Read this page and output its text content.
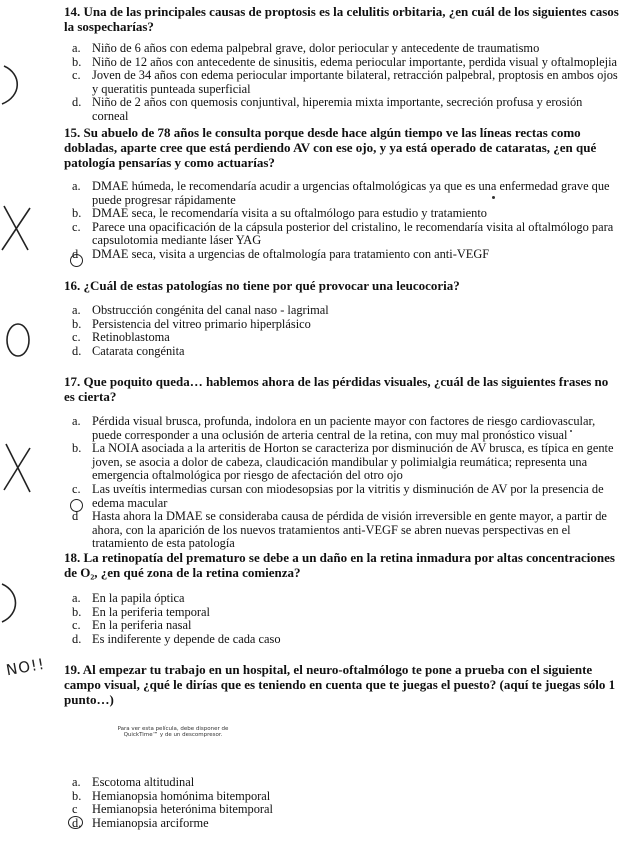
14. Una de las principales causas de proptosis es la celulitis orbitaria, ¿en cuál de los siguientes casos la sospecharías?

a. Niño de 6 años con edema palpebral grave, dolor periocular y antecedente de traumatismo
b. Niño de 12 años con antecedente de sinusitis, edema periocular importante, perdida visual y oftalmoplejia
c. Joven de 34 años con edema periocular importante bilateral, retracción palpebral, proptosis en ambos ojos y queratitis punteada superficial
d. Niño de 2 años con quemosis conjuntival, hiperemia mixta importante, secreción profusa y erosión corneal

15. Su abuelo de 78 años le consulta porque desde hace algún tiempo ve las líneas rectas como dobladas, aparte cree que está perdiendo AV con ese ojo, y ya está operado de cataratas, ¿en qué patología pensarías y como actuarías?

a. DMAE húmeda, le recomendaría acudir a urgencias oftalmológicas ya que es una enfermedad grave que puede progresar rápidamente
b. DMAE seca, le recomendaría visita a su oftalmólogo para estudio y tratamiento
c. Parece una opacificación de la cápsula posterior del cristalino, le recomendaría visita al oftalmólogo para capsulotomia mediante láser YAG
d DMAE seca, visita a urgencias de oftalmología para tratamiento con anti-VEGF

16. ¿Cuál de estas patologías no tiene por qué provocar una leucocoria?

a. Obstrucción congénita del canal naso - lagrimal
b. Persistencia del vitreo primario hiperplásico
c. Retinoblastoma
d. Catarata congénita

17. Que poquito queda… hablemos ahora de las pérdidas visuales, ¿cuál de las siguientes frases no es cierta?

a. Pérdida visual brusca, profunda, indolora en un paciente mayor con factores de riesgo cardiovascular, puede corresponder a una oclusión de arteria central de la retina, con muy mal pronóstico visual
b. La NOIA asociada a la arteritis de Horton se caracteriza por disminución de AV brusca, es típica en gente joven, se asocia a dolor de cabeza, claudicación mandibular y polimialgia reumática; representa una emergencia oftalmológica por riesgo de afectación del otro ojo
c. Las uveítis intermedias cursan con miodesopsias por la vitritis y disminución de AV por la presencia de edema macular
d Hasta ahora la DMAE se consideraba causa de pérdida de visión irreversible en gente mayor, a partir de ahora, con la aparición de los nuevos tratamientos anti-VEGF se abren nuevas perspectivas en el tratamiento de esta patología

18. La retinopatía del prematuro se debe a un daño en la retina inmadura por altas concentraciones de O₂, ¿en qué zona de la retina comienza?

a. En la papila óptica
b. En la periferia temporal
c. En la periferia nasal
d. Es indiferente y depende de cada caso

19. Al empezar tu trabajo en un hospital, el neuro-oftalmólogo te pone a prueba con el siguiente campo visual, ¿qué le dirías que es teniendo en cuenta que te juegas el puesto? (aquí te juegas sólo 1 punto…)

Para ver esta película, debe disponer de QuickTime™ y de un descompresor.
a. Escotoma altitudinal
b. Hemianopsia homónima bitemporal
c Hemianopsia heterónima bitemporal
d. Hemianopsia arciforme
NO!!
